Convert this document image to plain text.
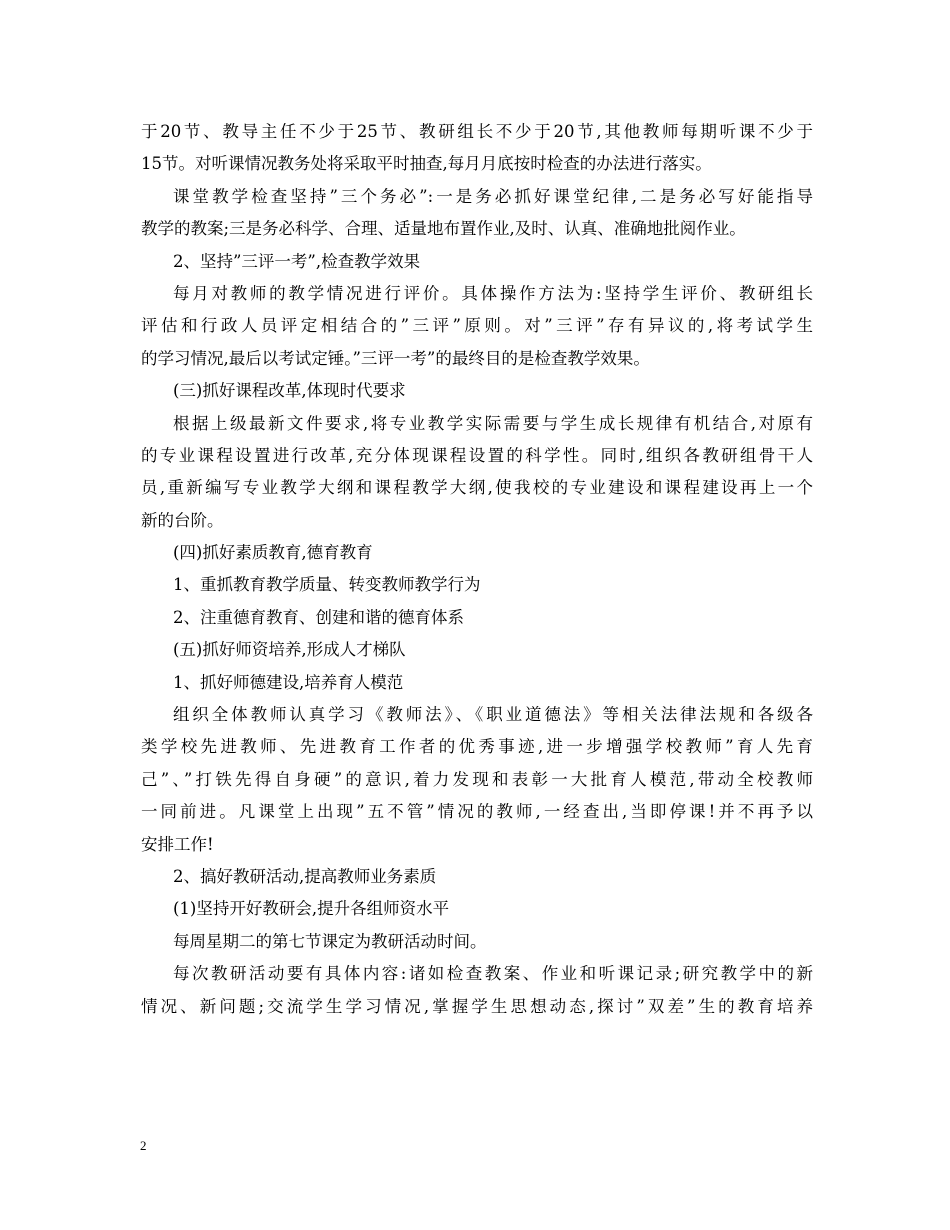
于20节、教导主任不少于25节、教研组长不少于20节,其他教师每期听课不少于
15节。对听课情况教务处将采取平时抽查,每月月底按时检查的办法进行落实。
课堂教学检查坚持”三个务必”:一是务必抓好课堂纪律,二是务必写好能指导
教学的教案;三是务必科学、合理、适量地布置作业,及时、认真、准确地批阅作业。
2、坚持”三评一考”,检查教学效果
每月对教师的教学情况进行评价。具体操作方法为:坚持学生评价、教研组长
评估和行政人员评定相结合的”三评”原则。对”三评”存有异议的,将考试学生
的学习情况,最后以考试定锤。”三评一考”的最终目的是检查教学效果。
(三)抓好课程改革,体现时代要求
根据上级最新文件要求,将专业教学实际需要与学生成长规律有机结合,对原有
的专业课程设置进行改革,充分体现课程设置的科学性。同时,组织各教研组骨干人
员,重新编写专业教学大纲和课程教学大纲,使我校的专业建设和课程建设再上一个
新的台阶。
(四)抓好素质教育,德育教育
1、重抓教育教学质量、转变教师教学行为
2、注重德育教育、创建和谐的德育体系
(五)抓好师资培养,形成人才梯队
1、抓好师德建设,培养育人模范
组织全体教师认真学习《教师法》、《职业道德法》等相关法律法规和各级各
类学校先进教师、先进教育工作者的优秀事迹,进一步增强学校教师”育人先育
己”、”打铁先得自身硬”的意识,着力发现和表彰一大批育人模范,带动全校教师
一同前进。凡课堂上出现”五不管”情况的教师,一经查出,当即停课!并不再予以
安排工作!
2、搞好教研活动,提高教师业务素质
(1)坚持开好教研会,提升各组师资水平
每周星期二的第七节课定为教研活动时间。
每次教研活动要有具体内容:诸如检查教案、作业和听课记录;研究教学中的新
情况、新问题;交流学生学习情况,掌握学生思想动态,探讨”双差”生的教育培养
2
